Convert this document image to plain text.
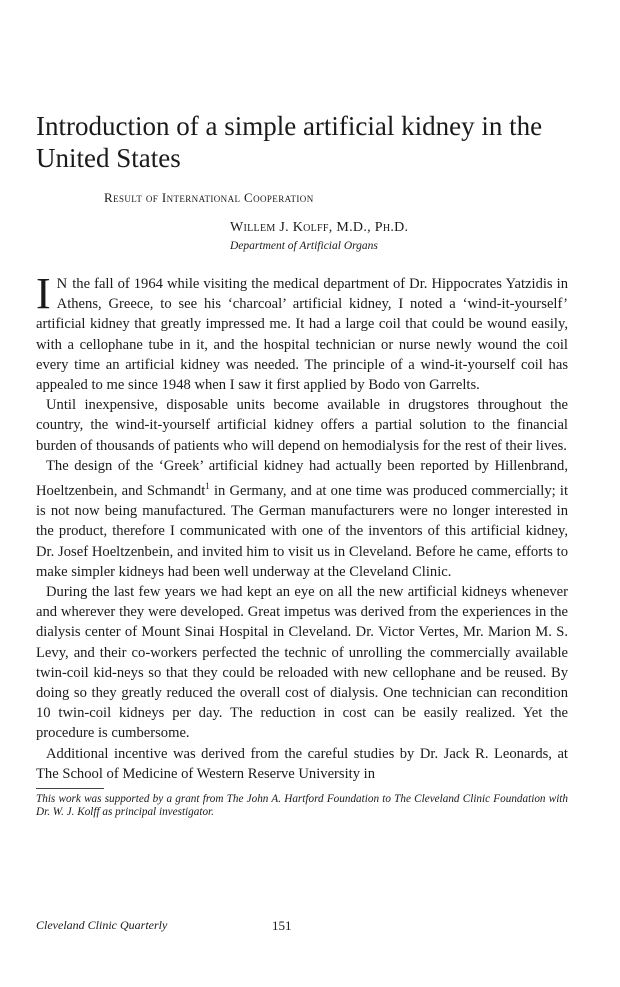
Introduction of a simple artificial kidney in the United States
Result of International Cooperation
Willem J. Kolff, M.D., Ph.D.
Department of Artificial Organs

I N the fall of 1964 while visiting the medical department of Dr. Hippocrates Yatzidis in Athens, Greece, to see his ‘charcoal’ artificial kidney, I noted a ‘wind-it-yourself’ artificial kidney that greatly impressed me. It had a large coil that could be wound easily, with a cellophane tube in it, and the hospital technician or nurse newly wound the coil every time an artificial kidney was needed. The principle of a wind-it-yourself coil has appealed to me since 1948 when I saw it first applied by Bodo von Garrelts.

Until inexpensive, disposable units become available in drugstores throughout the country, the wind-it-yourself artificial kidney offers a partial solution to the financial burden of thousands of patients who will depend on hemodialysis for the rest of their lives.

The design of the ‘Greek’ artificial kidney had actually been reported by Hillenbrand, Hoeltzenbein, and Schmandt$^1$ in Germany, and at one time was produced commercially; it is not now being manufactured. The German manufacturers were no longer interested in the product, therefore I communicated with one of the inventors of this artificial kidney, Dr. Josef Hoeltzenbein, and invited him to visit us in Cleveland. Before he came, efforts to make simpler kidneys had been well underway at the Cleveland Clinic.

During the last few years we had kept an eye on all the new artificial kidneys whenever and wherever they were developed. Great impetus was derived from the experiences in the dialysis center of Mount Sinai Hospital in Cleveland. Dr. Victor Vertes, Mr. Marion M. S. Levy, and their co-workers perfected the technic of unrolling the commercially available twin-coil kid-neys so that they could be reloaded with new cellophane and be reused. By doing so they greatly reduced the overall cost of dialysis. One technician can recondition 10 twin-coil kidneys per day. The reduction in cost can be easily realized. Yet the procedure is cumbersome.

Additional incentive was derived from the careful studies by Dr. Jack R. Leonards, at The School of Medicine of Western Reserve University in

This work was supported by a grant from The John A. Hartford Foundation to The Cleveland Clinic Foundation with Dr. W. J. Kolff as principal investigator.

Cleveland Clinic Quarterly	151
